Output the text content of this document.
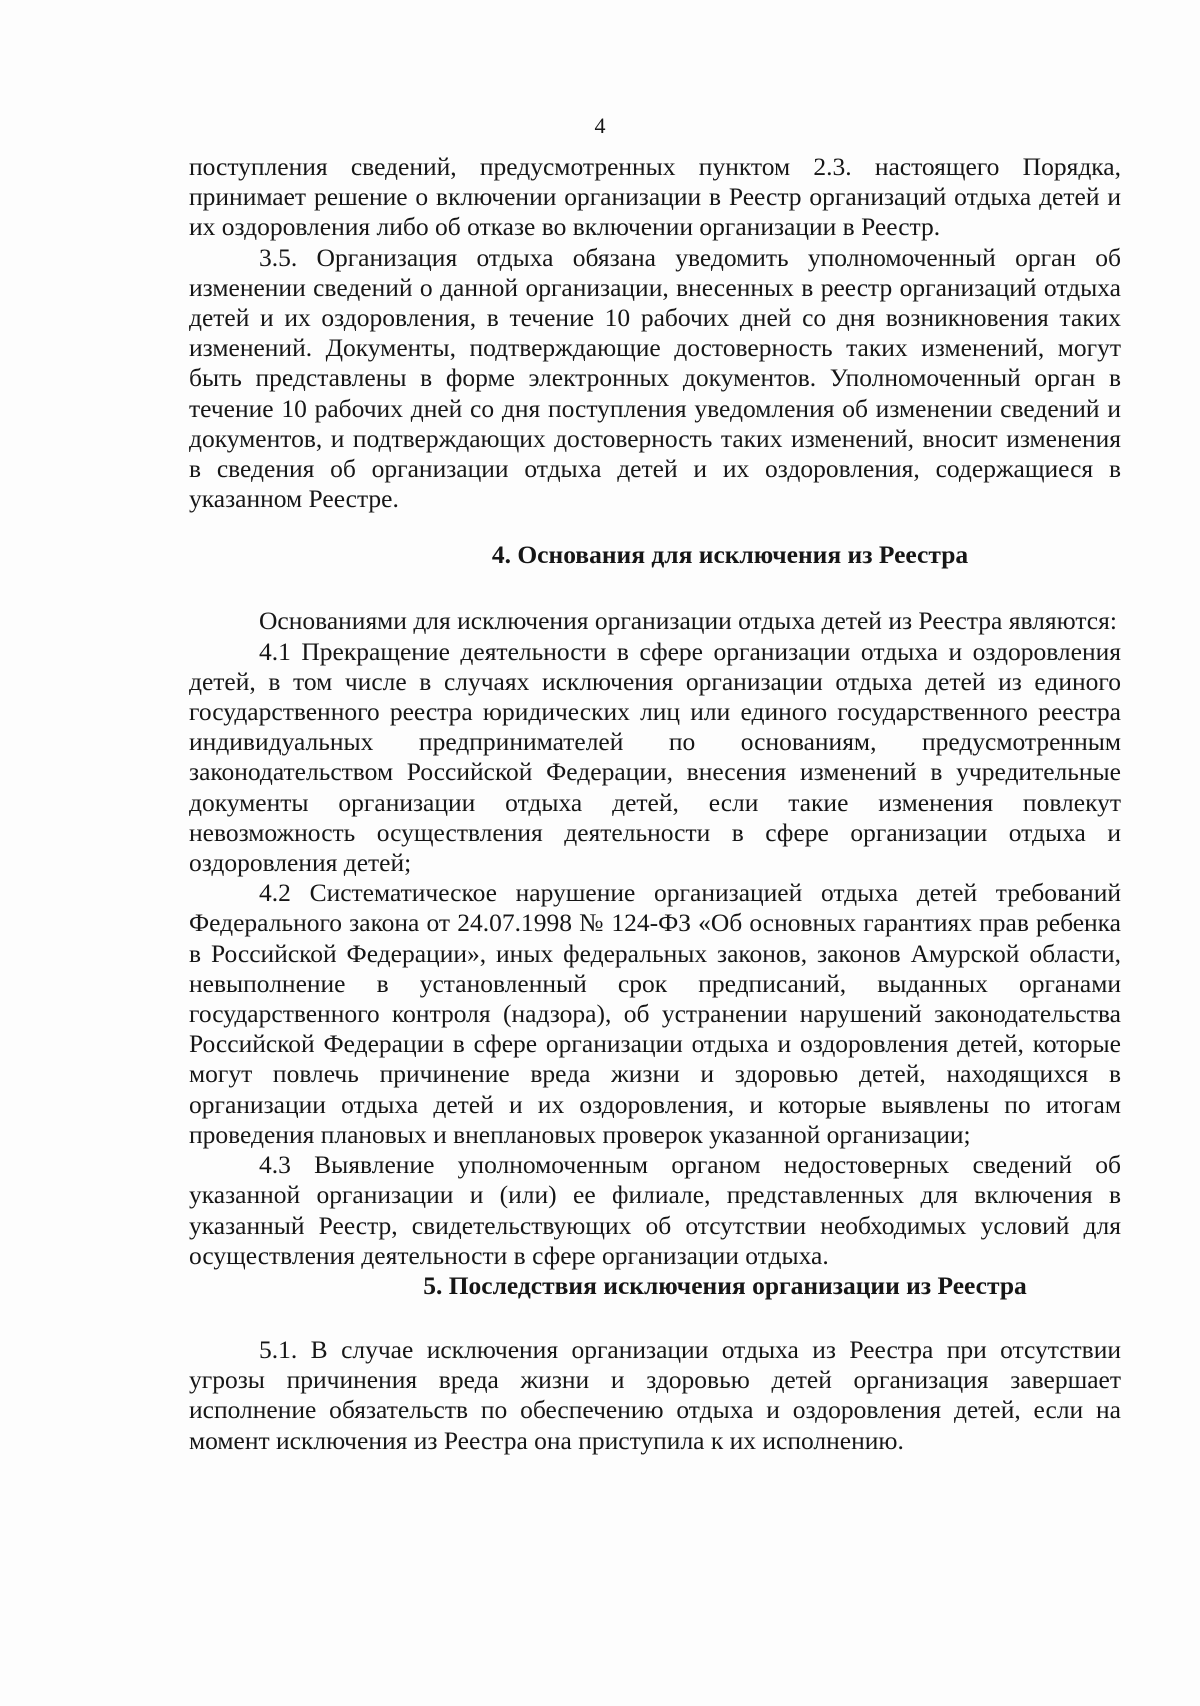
4

поступления сведений, предусмотренных пунктом 2.3. настоящего Порядка, принимает решение о включении организации в Реестр организаций отдыха детей и их оздоровления либо об отказе во включении организации в Реестр.

3.5. Организация отдыха обязана уведомить уполномоченный орган об изменении сведений о данной организации, внесенных в реестр организаций отдыха детей и их оздоровления, в течение 10 рабочих дней со дня возникновения таких изменений. Документы, подтверждающие достоверность таких изменений, могут быть представлены в форме электронных документов. Уполномоченный орган в течение 10 рабочих дней со дня поступления уведомления об изменении сведений и документов, и подтверждающих достоверность таких изменений, вносит изменения в сведения об организации отдыха детей и их оздоровления, содержащиеся в указанном Реестре.

4. Основания для исключения из Реестра

Основаниями для исключения организации отдыха детей из Реестра являются:

4.1 Прекращение деятельности в сфере организации отдыха и оздоровления детей, в том числе в случаях исключения организации отдыха детей из единого государственного реестра юридических лиц или единого государственного реестра индивидуальных предпринимателей по основаниям, предусмотренным законодательством Российской Федерации, внесения изменений в учредительные документы организации отдыха детей, если такие изменения повлекут невозможность осуществления деятельности в сфере организации отдыха и оздоровления детей;

4.2 Систематическое нарушение организацией отдыха детей требований Федерального закона от 24.07.1998 № 124-ФЗ «Об основных гарантиях прав ребенка в Российской Федерации», иных федеральных законов, законов Амурской области, невыполнение в установленный срок предписаний, выданных органами государственного контроля (надзора), об устранении нарушений законодательства Российской Федерации в сфере организации отдыха и оздоровления детей, которые могут повлечь причинение вреда жизни и здоровью детей, находящихся в организации отдыха детей и их оздоровления, и которые выявлены по итогам проведения плановых и внеплановых проверок указанной организации;

4.3 Выявление уполномоченным органом недостоверных сведений об указанной организации и (или) ее филиале, представленных для включения в указанный Реестр, свидетельствующих об отсутствии необходимых условий для осуществления деятельности в сфере организации отдыха.

5. Последствия исключения организации из Реестра

5.1. В случае исключения организации отдыха из Реестра при отсутствии угрозы причинения вреда жизни и здоровью детей организация завершает исполнение обязательств по обеспечению отдыха и оздоровления детей, если на момент исключения из Реестра она приступила к их исполнению.
